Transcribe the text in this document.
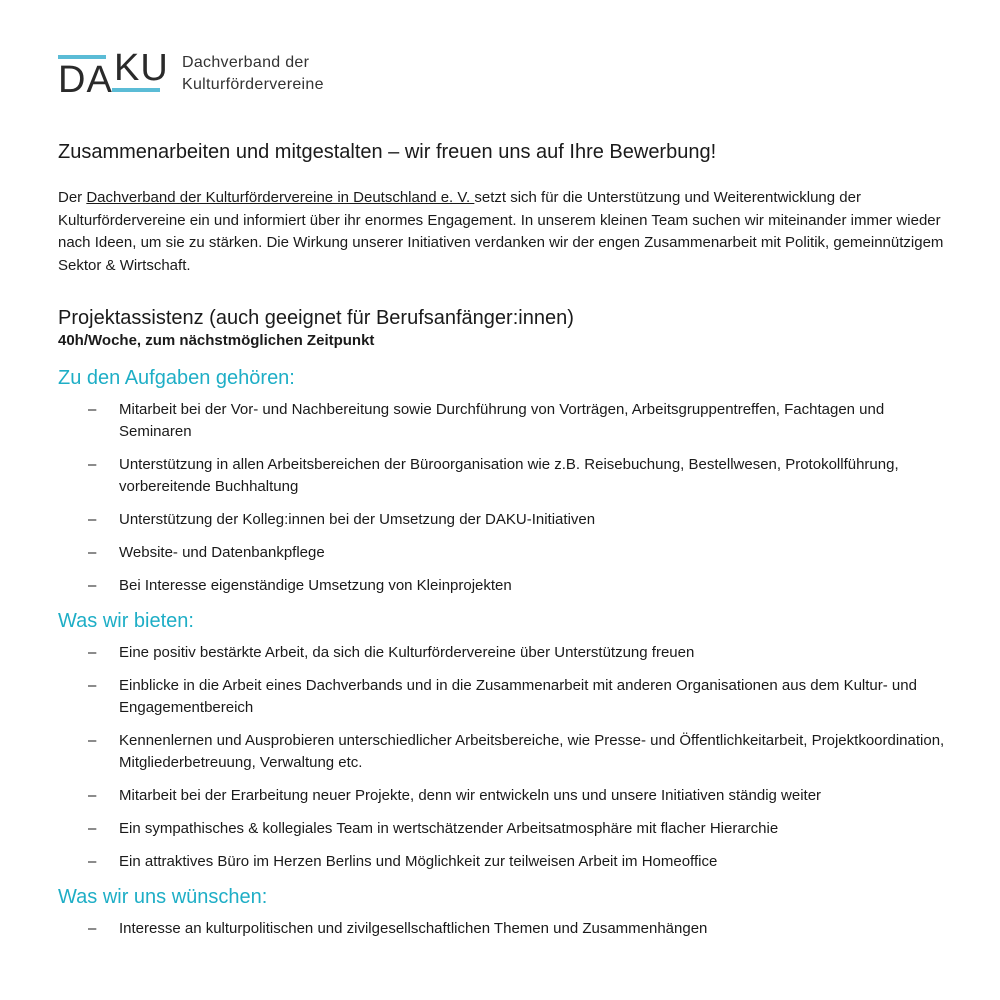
DA KU Dachverband der
Kulturfördervereine
Zusammenarbeiten und mitgestalten – wir freuen uns auf Ihre Bewerbung!

Der Dachverband der Kulturfördervereine in Deutschland e. V. setzt sich für die Unterstützung und Weiterentwicklung der Kulturfördervereine ein und informiert über ihr enormes Engagement. In unserem kleinen Team suchen wir miteinander immer wieder nach Ideen, um sie zu stärken. Die Wirkung unserer Initiativen verdanken wir der engen Zusammenarbeit mit Politik, gemeinnützigem Sektor & Wirtschaft.

Projektassistenz (auch geeignet für Berufsanfänger:innen)
40h/Woche, zum nächstmöglichen Zeitpunkt
Zu den Aufgaben gehören:
– Mitarbeit bei der Vor- und Nachbereitung sowie Durchführung von Vorträgen, Arbeitsgruppentreffen, Fachtagen und Seminaren
– Unterstützung in allen Arbeitsbereichen der Büroorganisation wie z.B. Reisebuchung, Bestellwesen, Protokollführung, vorbereitende Buchhaltung
– Unterstützung der Kolleg:innen bei der Umsetzung der DAKU-Initiativen
– Website- und Datenbankpflege
– Bei Interesse eigenständige Umsetzung von Kleinprojekten
Was wir bieten:
– Eine positiv bestärkte Arbeit, da sich die Kulturfördervereine über Unterstützung freuen
– Einblicke in die Arbeit eines Dachverbands und in die Zusammenarbeit mit anderen Organisationen aus dem Kultur- und Engagementbereich
– Kennenlernen und Ausprobieren unterschiedlicher Arbeitsbereiche, wie Presse- und Öffentlichkeitarbeit, Projektkoordination, Mitgliederbetreuung, Verwaltung etc.
– Mitarbeit bei der Erarbeitung neuer Projekte, denn wir entwickeln uns und unsere Initiativen ständig weiter
– Ein sympathisches & kollegiales Team in wertschätzender Arbeitsatmosphäre mit flacher Hierarchie
– Ein attraktives Büro im Herzen Berlins und Möglichkeit zur teilweisen Arbeit im Homeoffice
Was wir uns wünschen:
– Interesse an kulturpolitischen und zivilgesellschaftlichen Themen und Zusammenhängen
